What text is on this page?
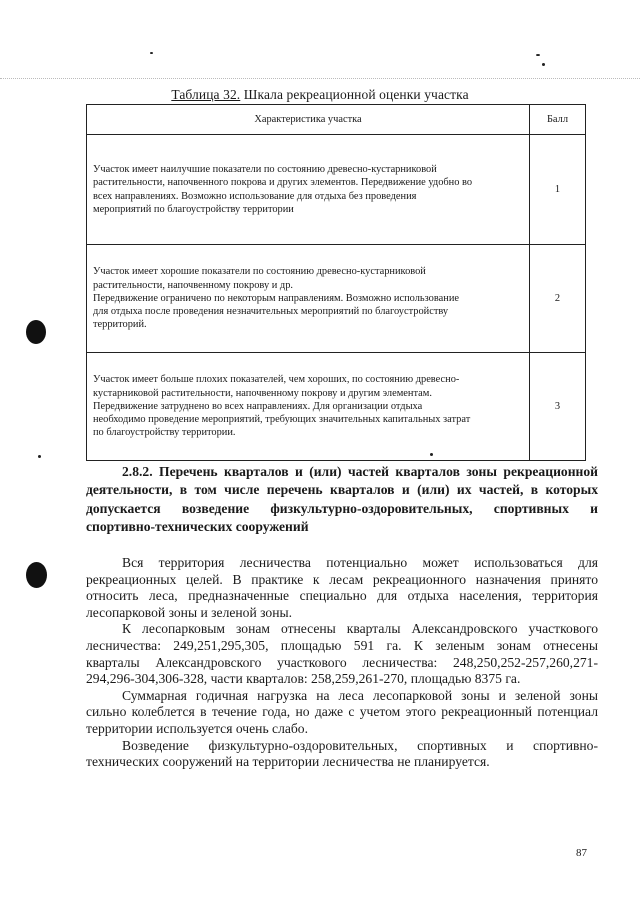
Таблица 32. Шкала рекреационной оценки участка
Характеристика участка	Балл

Участок имеет наилучшие показатели по состоянию древесно-кустарниковой
растительности, напочвенного покрова и других элементов. Передвижение удобно во
всех направлениях. Возможно использование для отдыха без проведения
мероприятий по благоустройству территории	1

Участок имеет хорошие показатели по состоянию древесно-кустарниковой
растительности, напочвенному покрову и др.
Передвижение ограничено по некоторым направлениям. Возможно использование
для отдыха после проведения незначительных мероприятий по благоустройству
территорий.	2

Участок имеет больше плохих показателей, чем хороших, по состоянию древесно-
кустарниковой растительности, напочвенному покрову и другим элементам.
Передвижение затруднено во всех направлениях. Для организации отдыха
необходимо проведение мероприятий, требующих значительных капитальных затрат
по благоустройству территории.	3
2.8.2. Перечень кварталов и (или) частей кварталов зоны рекреационной
деятельности, в том числе перечень кварталов и (или) их частей, в которых
допускается возведение физкультурно-оздоровительных, спортивных и
спортивно-технических сооружений
Вся территория лесничества потенциально может использоваться для
рекреационных целей. В практике к лесам рекреационного назначения принято
относить леса, предназначенные специально для отдыха населения, территория
лесопарковой зоны и зеленой зоны.
К лесопарковым зонам отнесены кварталы Александровского участкового
лесничества: 249,251,295,305, площадью 591 га. К зеленым зонам отнесены
кварталы Александровского участкового лесничества: 248,250,252-257,260,271-
294,296-304,306-328, части кварталов: 258,259,261-270, площадью 8375 га.
Суммарная годичная нагрузка на леса лесопарковой зоны и зеленой зоны
сильно колеблется в течение года, но даже с учетом этого рекреационный потенциал
территории используется очень слабо.
Возведение физкультурно-оздоровительных, спортивных и спортивно-
технических сооружений на территории лесничества не планируется.
87
